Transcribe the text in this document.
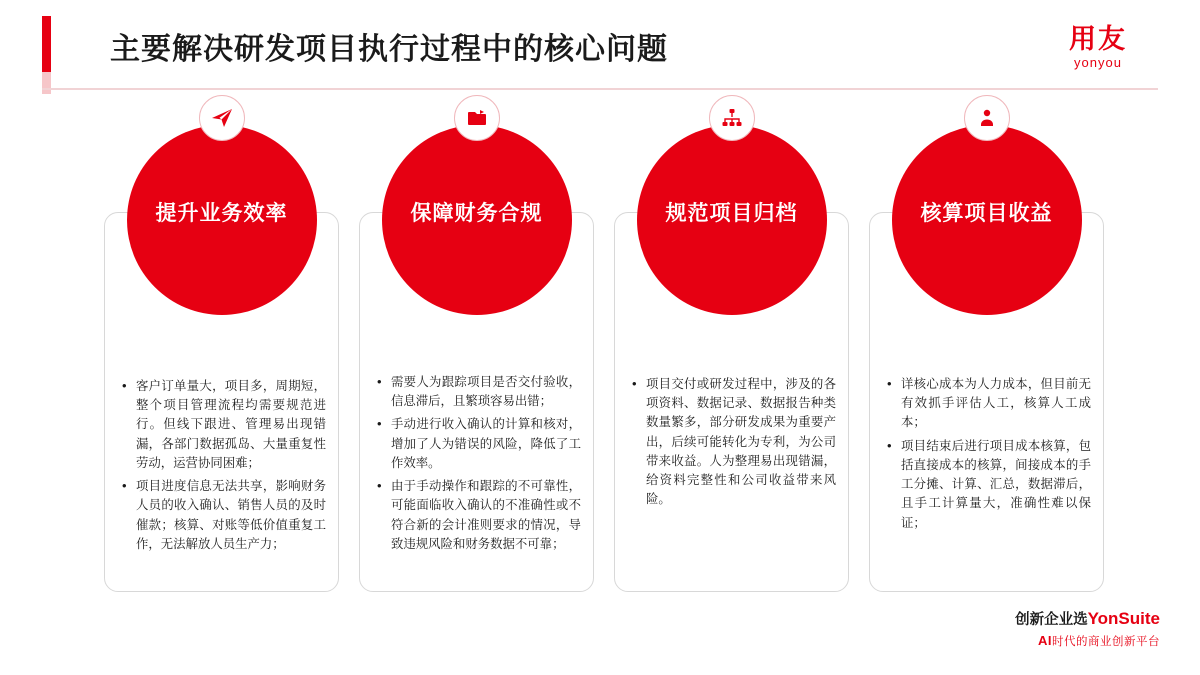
主要解决研发项目执行过程中的核心问题	用友
yonyou
提升业务效率
• 客户订单量大，项目多，周期短，整个项目管理流程均需要规范进行。但线下跟进、管理易出现错漏，各部门数据孤岛、大量重复性劳动，运营协同困难；
• 项目进度信息无法共享，影响财务人员的收入确认、销售人员的及时催款；核算、对账等低价值重复工作，无法解放人员生产力；
保障财务合规
• 需要人为跟踪项目是否交付验收，信息滞后，且繁琐容易出错；
• 手动进行收入确认的计算和核对，增加了人为错误的风险，降低了工作效率。
• 由于手动操作和跟踪的不可靠性，可能面临收入确认的不准确性或不符合新的会计准则要求的情况，导致违规风险和财务数据不可靠；
规范项目归档
• 项目交付或研发过程中，涉及的各项资料、数据记录、数据报告种类数量繁多，部分研发成果为重要产出，后续可能转化为专利，为公司带来收益。人为整理易出现错漏，给资料完整性和公司收益带来风险。
核算项目收益
• 详核心成本为人力成本，但目前无有效抓手评估人工，核算人工成本；
• 项目结束后进行项目成本核算，包括直接成本的核算，间接成本的手工分摊、计算、汇总，数据滞后，且手工计算量大，准确性难以保证；
创新企业选YonSuite
AI时代的商业创新平台
